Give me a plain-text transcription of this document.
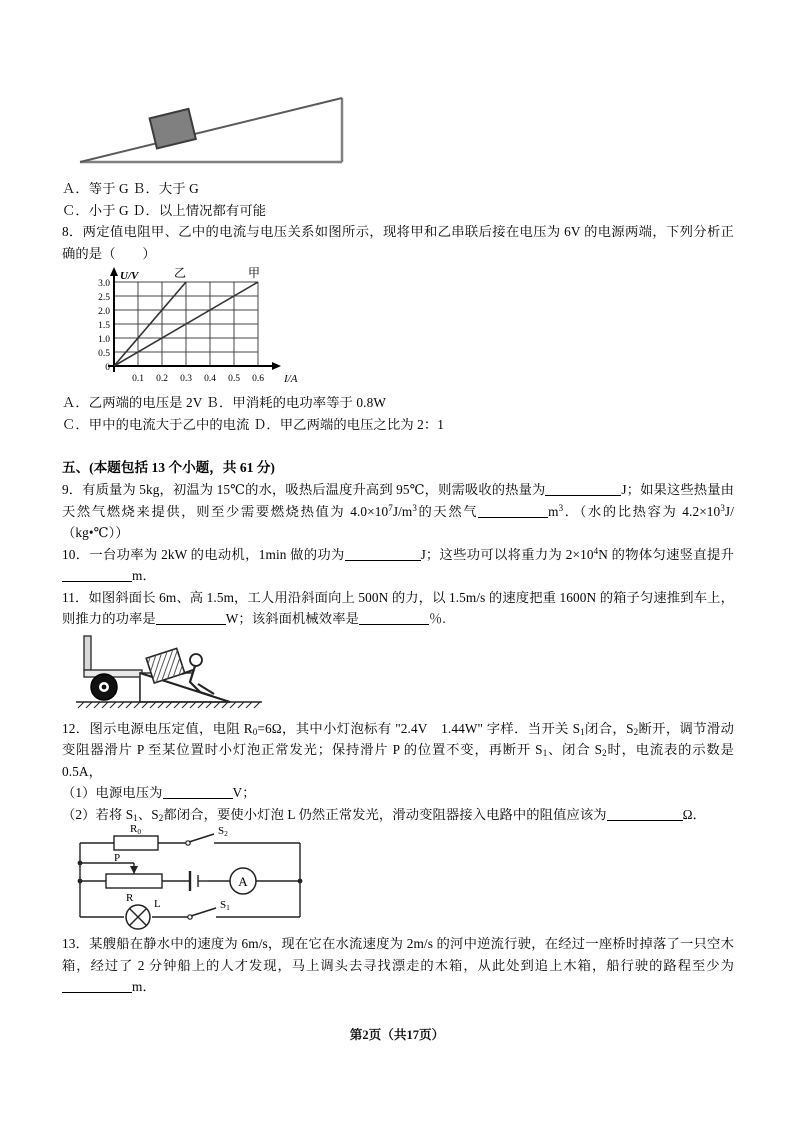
Ａ．等于 G Ｂ．大于 G
Ｃ．小于 G Ｄ．以上情况都有可能
8．两定值电阻甲、乙中的电流与电压关系如图所示，现将甲和乙串联后接在电压为 6V 的电源两端，下列分析正确的是（　　）
U/V
I/A
乙	甲
3.0
2.5
2.0
1.5
1.0
0.5
0
0.1 0.2 0.3 0.4 0.5 0.6
Ａ．乙两端的电压是 2V Ｂ．甲消耗的电功率等于 0.8W
Ｃ．甲中的电流大于乙中的电流 Ｄ．甲乙两端的电压之比为 2：1
五、(本题包括 13 个小题，共 61 分)
9．有质量为 5kg，初温为 15℃的水，吸热后温度升高到 95℃，则需吸收的热量为	J；如果这些热量由天然气燃烧来提供，则至少需要燃烧热值为 $4.0\times 10^7J/m^3$的天然气	$m^3$．（水的比热容为 $4.2\times 10^3J/(kg•℃)$）
10．一台功率为 2kW 的电动机，1min 做的功为	J；这些功可以将重力为 $2\times 10^4N$ 的物体匀速竖直提升m．
11．如图斜面长 6m、高 1.5m，工人用沿斜面向上 500N 的力，以 1.5m/s 的速度把重 1600N 的箱子匀速推到车上，则推力的功率是	W；该斜面机械效率是	％.
12．图示电源电压定值，电阻 $R_0=6\Omega$，其中小灯泡标有 "2.4V　1.44W" 字样．当开关 $S_1$闭合，$S_2$断开，调节滑动变阻器滑片 P 至某位置时小灯泡正常发光；保持滑片 P 的位置不变，再断开 $S_1$、闭合 $S_2$时，电流表的示数是 0.5A，
（1）电源电压为	V；
（2）若将 $S_1$、$S_2$都闭合，要使小灯泡 L 仍然正常发光，滑动变阻器接入电路中的阻值应该为	Ω．
R0	S2
P
R
A
L	S1
13．某艘船在静水中的速度为 6m/s，现在它在水流速度为 2m/s 的河中逆流行驶，在经过一座桥时掉落了一只空木箱，经过了 2 分钟船上的人才发现，马上调头去寻找漂走的木箱，从此处到追上木箱，船行驶的路程至少为m．
第2页（共17页）
